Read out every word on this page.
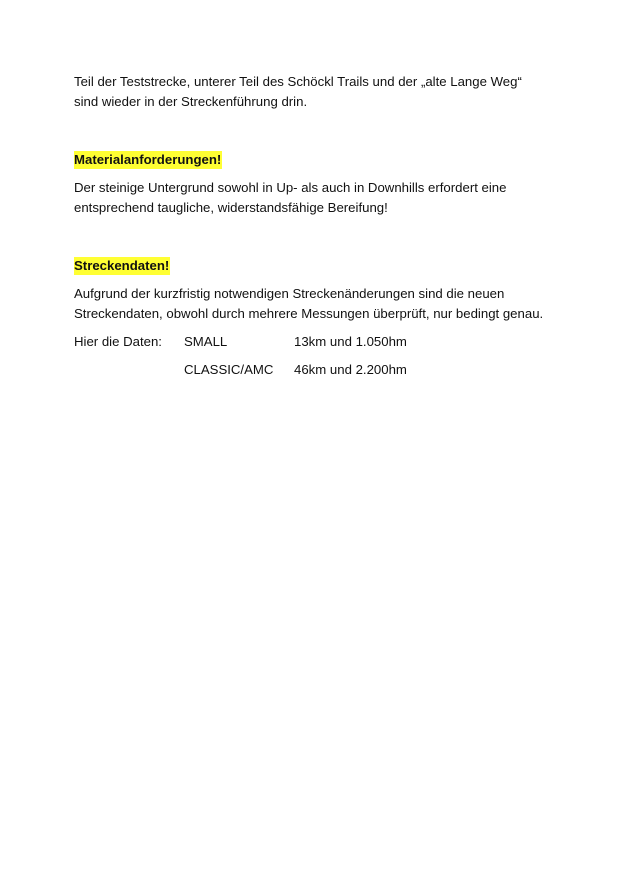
Teil der Teststrecke, unterer Teil des Schöckl Trails und der „alte Lange Weg“
sind wieder in der Streckenführung drin.

Materialanforderungen!

Der steinige Untergrund sowohl in Up- als auch in Downhills erfordert eine entsprechend taugliche, widerstandsfähige Bereifung!

Streckendaten!

Aufgrund der kurzfristig notwendigen Streckenänderungen sind die neuen Streckendaten, obwohl durch mehrere Messungen überprüft, nur bedingt genau.

Hier die Daten:	SMALL	13km und 1.050hm
	CLASSIC/AMC	46km und 2.200hm
